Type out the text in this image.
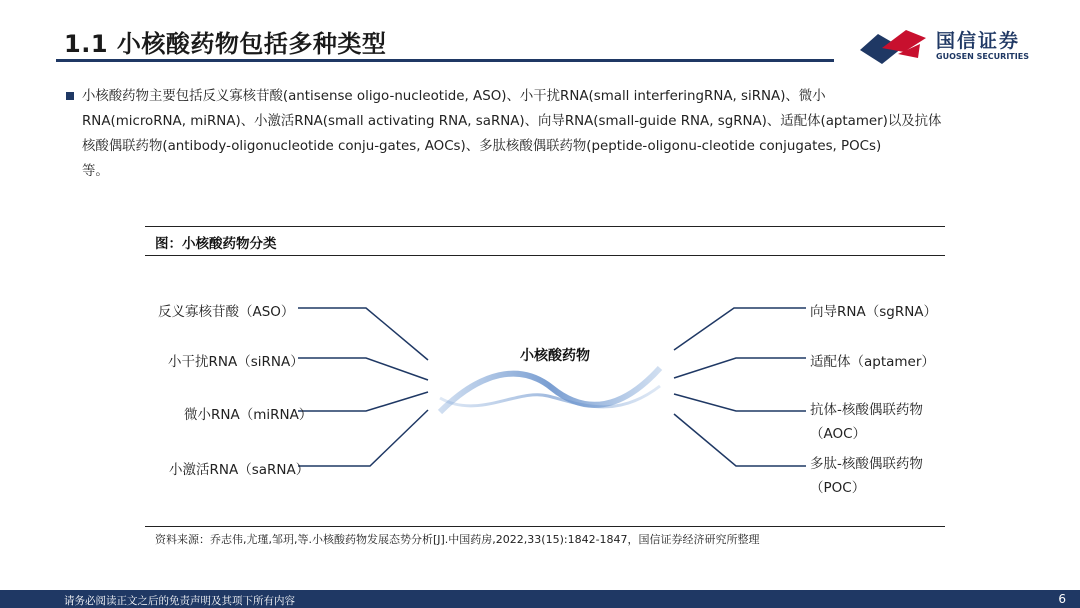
1.1 小核酸药物包括多种类型	国信证券
GUOSEN SECURITIES
小核酸药物主要包括反义寡核苷酸(antisense oligo-nucleotide, ASO)、小干扰RNA(small interferingRNA, siRNA)、微小
RNA(microRNA, miRNA)、小激活RNA(small activating RNA, saRNA)、向导RNA(small-guide RNA, sgRNA)、适配体(aptamer)以及抗体
核酸偶联药物(antibody-oligonucleotide conju-gates, AOCs)、多肽核酸偶联药物(peptide-oligonu-cleotide conjugates, POCs)
等。
图：小核酸药物分类
小核酸药物
反义寡核苷酸（ASO）
小干扰RNA（siRNA）
微小RNA（miRNA）
小激活RNA（saRNA）
向导RNA（sgRNA）
适配体（aptamer）
抗体-核酸偶联药物（AOC）
多肽-核酸偶联药物（POC）
资料来源：乔志伟,尤瑾,邹玥,等.小核酸药物发展态势分析[J].中国药房,2022,33(15):1842-1847，国信证券经济研究所整理
请务必阅读正文之后的免责声明及其项下所有内容	6
